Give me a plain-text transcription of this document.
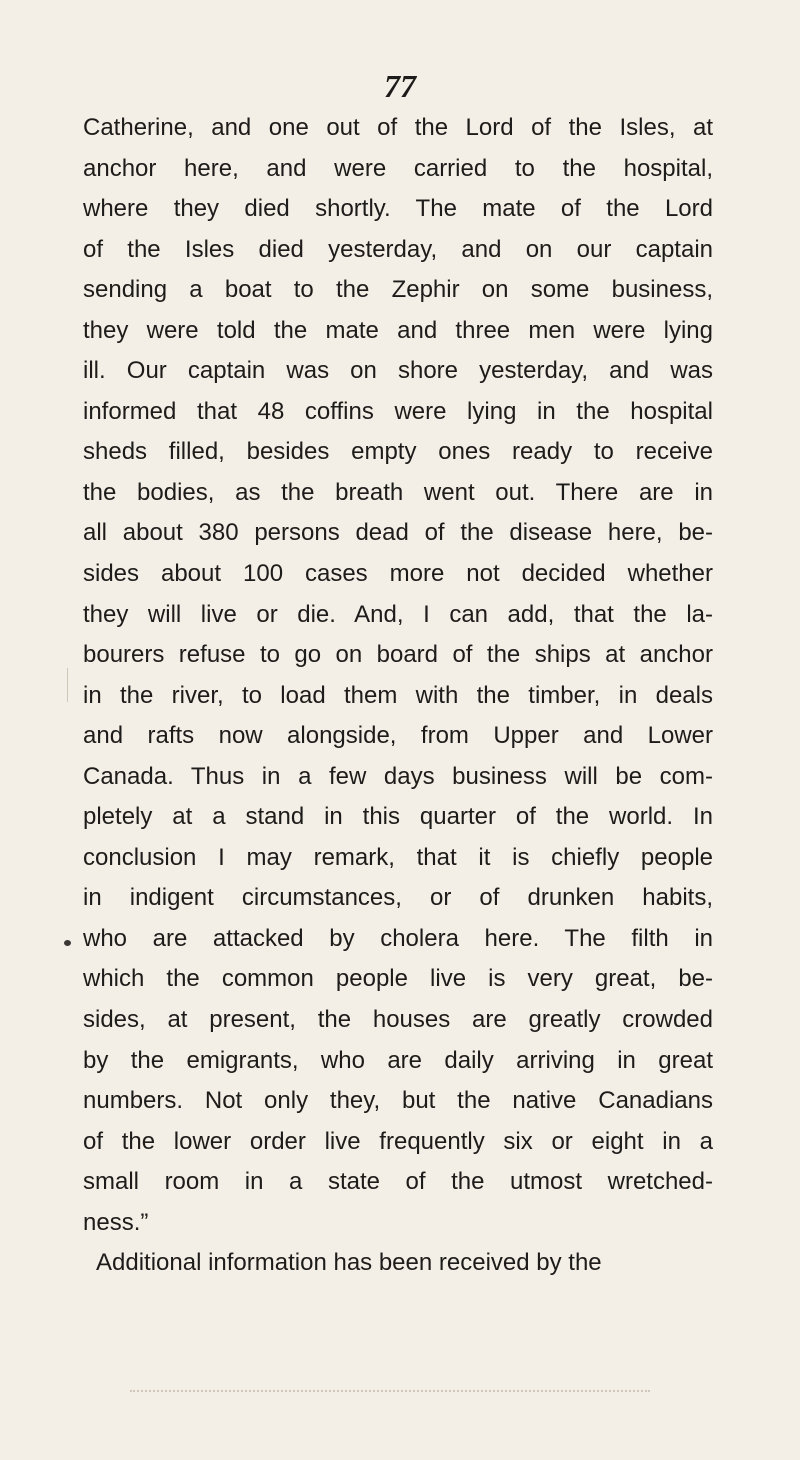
77
Catherine, and one out of the Lord of the Isles, at
anchor here, and were carried to the hospital,
where they died shortly. The mate of the Lord
of the Isles died yesterday, and on our captain
sending a boat to the Zephir on some business,
they were told the mate and three men were lying
ill. Our captain was on shore yesterday, and was
informed that 48 coffins were lying in the hospital
sheds filled, besides empty ones ready to receive
the bodies, as the breath went out. There are in
all about 380 persons dead of the disease here, be-
sides about 100 cases more not decided whether
they will live or die. And, I can add, that the la-
bourers refuse to go on board of the ships at anchor
in the river, to load them with the timber, in deals
and rafts now alongside, from Upper and Lower
Canada. Thus in a few days business will be com-
pletely at a stand in this quarter of the world. In
conclusion I may remark, that it is chiefly people
in indigent circumstances, or of drunken habits,
who are attacked by cholera here. The filth in
which the common people live is very great, be-
sides, at present, the houses are greatly crowded
by the emigrants, who are daily arriving in great
numbers. Not only they, but the native Canadians
of the lower order live frequently six or eight in a
small room in a state of the utmost wretched-
ness.”
Additional information has been received by the
